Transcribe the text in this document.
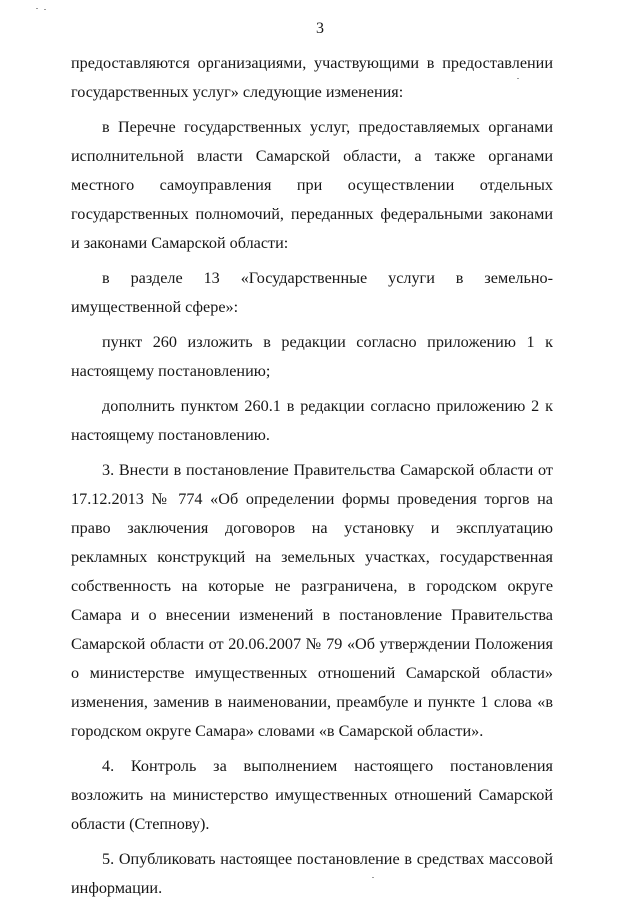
3

предоставляются организациями, участвующими в предоставлении государственных услуг» следующие изменения:

в Перечне государственных услуг, предоставляемых органами исполнительной власти Самарской области, а также органами местного самоуправления при осуществлении отдельных государственных полномочий, переданных федеральными законами и законами Самарской области:

в разделе 13 «Государственные услуги в земельно-имущественной сфере»:

пункт 260 изложить в редакции согласно приложению 1 к настоящему постановлению;

дополнить пунктом 260.1 в редакции согласно приложению 2 к настоящему постановлению.

3. Внести в постановление Правительства Самарской области от 17.12.2013 № 774 «Об определении формы проведения торгов на право заключения договоров на установку и эксплуатацию рекламных конструкций на земельных участках, государственная собственность на которые не разграничена, в городском округе Самара и о внесении изменений в постановление Правительства Самарской области от 20.06.2007 № 79 «Об утверждении Положения о министерстве имущественных отношений Самарской области» изменения, заменив в наименовании, преамбуле и пункте 1 слова «в городском округе Самара» словами «в Самарской области».

4. Контроль за выполнением настоящего постановления возложить на министерство имущественных отношений Самарской области (Степнову).

5. Опубликовать настоящее постановление в средствах массовой информации.
